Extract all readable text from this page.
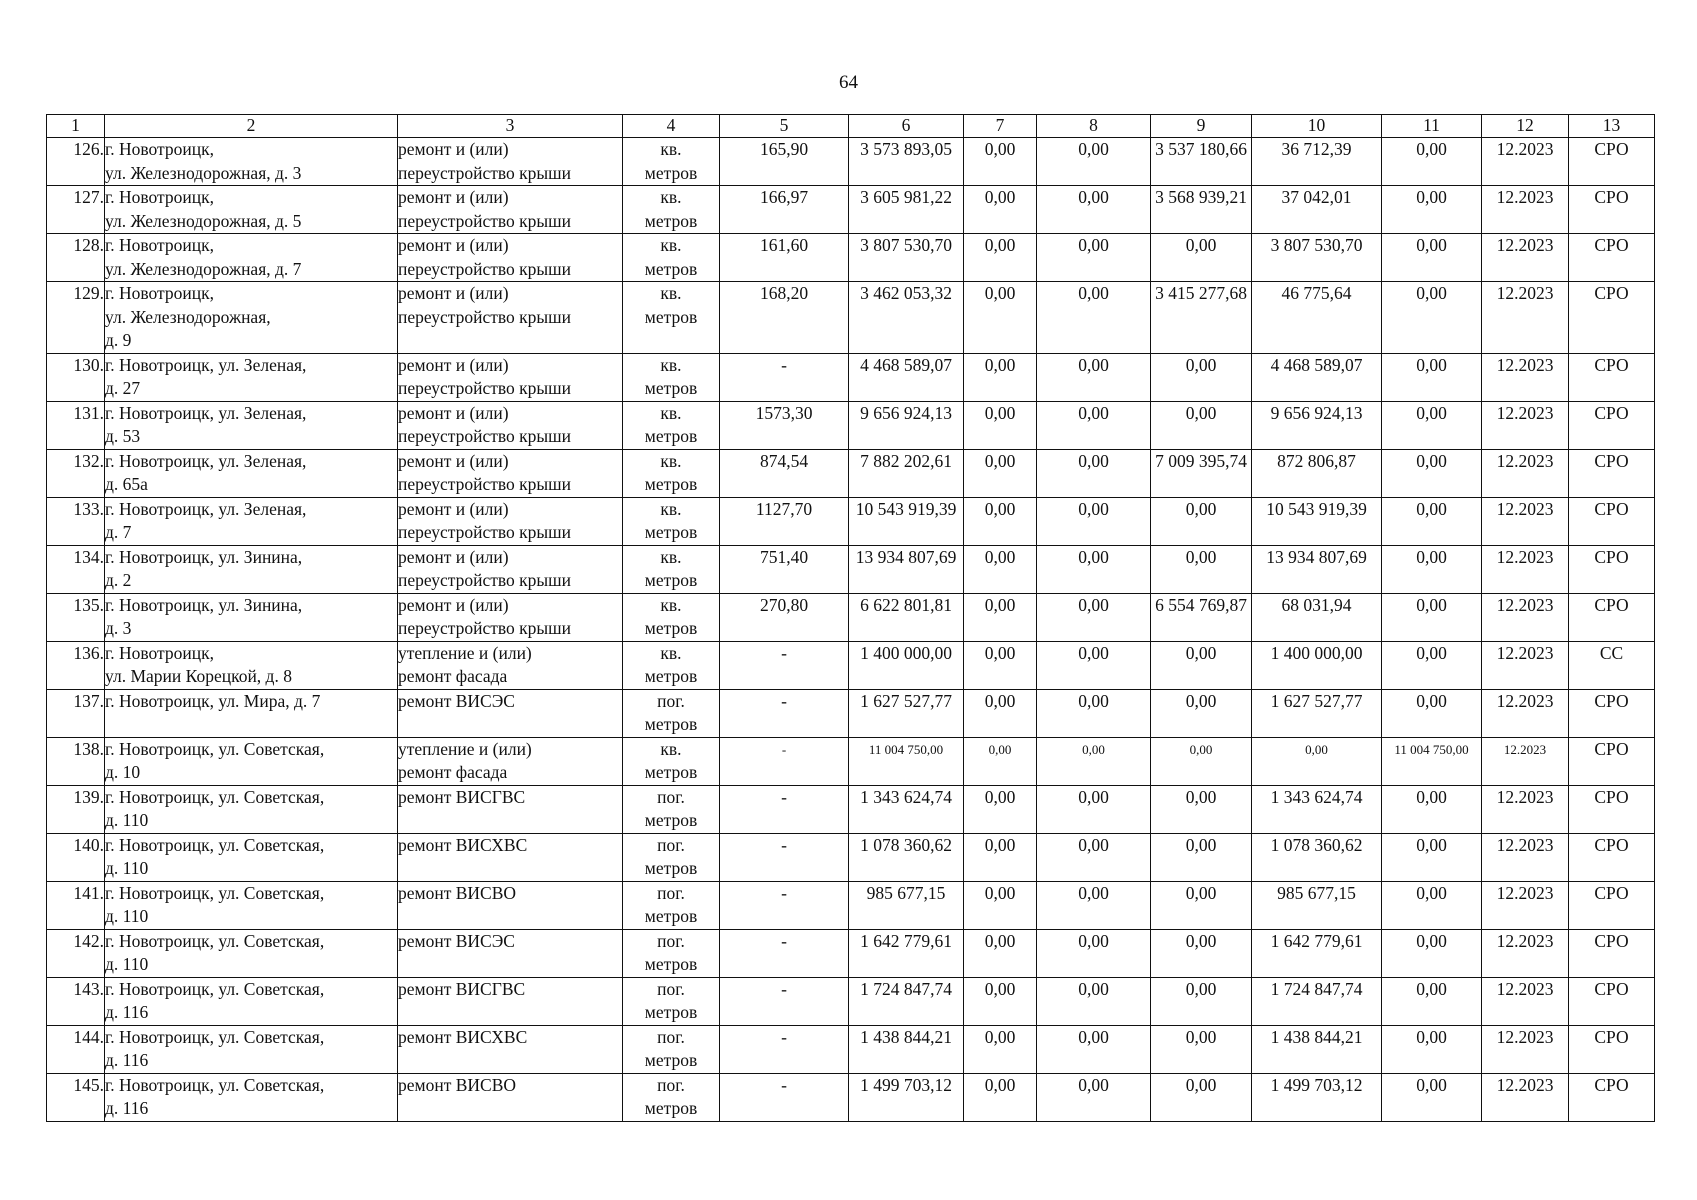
64
1	2	3	4	5	6	7	8	9	10	11	12	13
126.	г. Новотроицк,
ул. Железнодорожная, д. 3	ремонт и (или)
переустройство крыши	кв.
метров	165,90	3 573 893,05	0,00	0,00	3 537 180,66	36 712,39	0,00	12.2023	СРО
127.	г. Новотроицк,
ул. Железнодорожная, д. 5	ремонт и (или)
переустройство крыши	кв.
метров	166,97	3 605 981,22	0,00	0,00	3 568 939,21	37 042,01	0,00	12.2023	СРО
128.	г. Новотроицк,
ул. Железнодорожная, д. 7	ремонт и (или)
переустройство крыши	кв.
метров	161,60	3 807 530,70	0,00	0,00	0,00	3 807 530,70	0,00	12.2023	СРО
129.	г. Новотроицк,
ул. Железнодорожная,
д. 9	ремонт и (или)
переустройство крыши	кв.
метров	168,20	3 462 053,32	0,00	0,00	3 415 277,68	46 775,64	0,00	12.2023	СРО
130.	г. Новотроицк, ул. Зеленая,
д. 27	ремонт и (или)
переустройство крыши	кв.
метров	-	4 468 589,07	0,00	0,00	0,00	4 468 589,07	0,00	12.2023	СРО
131.	г. Новотроицк, ул. Зеленая,
д. 53	ремонт и (или)
переустройство крыши	кв.
метров	1573,30	9 656 924,13	0,00	0,00	0,00	9 656 924,13	0,00	12.2023	СРО
132.	г. Новотроицк, ул. Зеленая,
д. 65а	ремонт и (или)
переустройство крыши	кв.
метров	874,54	7 882 202,61	0,00	0,00	7 009 395,74	872 806,87	0,00	12.2023	СРО
133.	г. Новотроицк, ул. Зеленая,
д. 7	ремонт и (или)
переустройство крыши	кв.
метров	1127,70	10 543 919,39	0,00	0,00	0,00	10 543 919,39	0,00	12.2023	СРО
134.	г. Новотроицк, ул. Зинина,
д. 2	ремонт и (или)
переустройство крыши	кв.
метров	751,40	13 934 807,69	0,00	0,00	0,00	13 934 807,69	0,00	12.2023	СРО
135.	г. Новотроицк, ул. Зинина,
д. 3	ремонт и (или)
переустройство крыши	кв.
метров	270,80	6 622 801,81	0,00	0,00	6 554 769,87	68 031,94	0,00	12.2023	СРО
136.	г. Новотроицк,
ул. Марии Корецкой, д. 8	утепление и (или)
ремонт фасада	кв.
метров	-	1 400 000,00	0,00	0,00	0,00	1 400 000,00	0,00	12.2023	СС
137.	г. Новотроицк, ул. Мира, д. 7	ремонт ВИСЭС	пог.
метров	-	1 627 527,77	0,00	0,00	0,00	1 627 527,77	0,00	12.2023	СРО
138.	г. Новотроицк, ул. Советская,
д. 10	утепление и (или)
ремонт фасада	кв.
метров	-	11 004 750,00	0,00	0,00	0,00	0,00	11 004 750,00	12.2023	СРО
139.	г. Новотроицк, ул. Советская,
д. 110	ремонт ВИСГВС	пог.
метров	-	1 343 624,74	0,00	0,00	0,00	1 343 624,74	0,00	12.2023	СРО
140.	г. Новотроицк, ул. Советская,
д. 110	ремонт ВИСХВС	пог.
метров	-	1 078 360,62	0,00	0,00	0,00	1 078 360,62	0,00	12.2023	СРО
141.	г. Новотроицк, ул. Советская,
д. 110	ремонт ВИСВО	пог.
метров	-	985 677,15	0,00	0,00	0,00	985 677,15	0,00	12.2023	СРО
142.	г. Новотроицк, ул. Советская,
д. 110	ремонт ВИСЭС	пог.
метров	-	1 642 779,61	0,00	0,00	0,00	1 642 779,61	0,00	12.2023	СРО
143.	г. Новотроицк, ул. Советская,
д. 116	ремонт ВИСГВС	пог.
метров	-	1 724 847,74	0,00	0,00	0,00	1 724 847,74	0,00	12.2023	СРО
144.	г. Новотроицк, ул. Советская,
д. 116	ремонт ВИСХВС	пог.
метров	-	1 438 844,21	0,00	0,00	0,00	1 438 844,21	0,00	12.2023	СРО
145.	г. Новотроицк, ул. Советская,
д. 116	ремонт ВИСВО	пог.
метров	-	1 499 703,12	0,00	0,00	0,00	1 499 703,12	0,00	12.2023	СРО
